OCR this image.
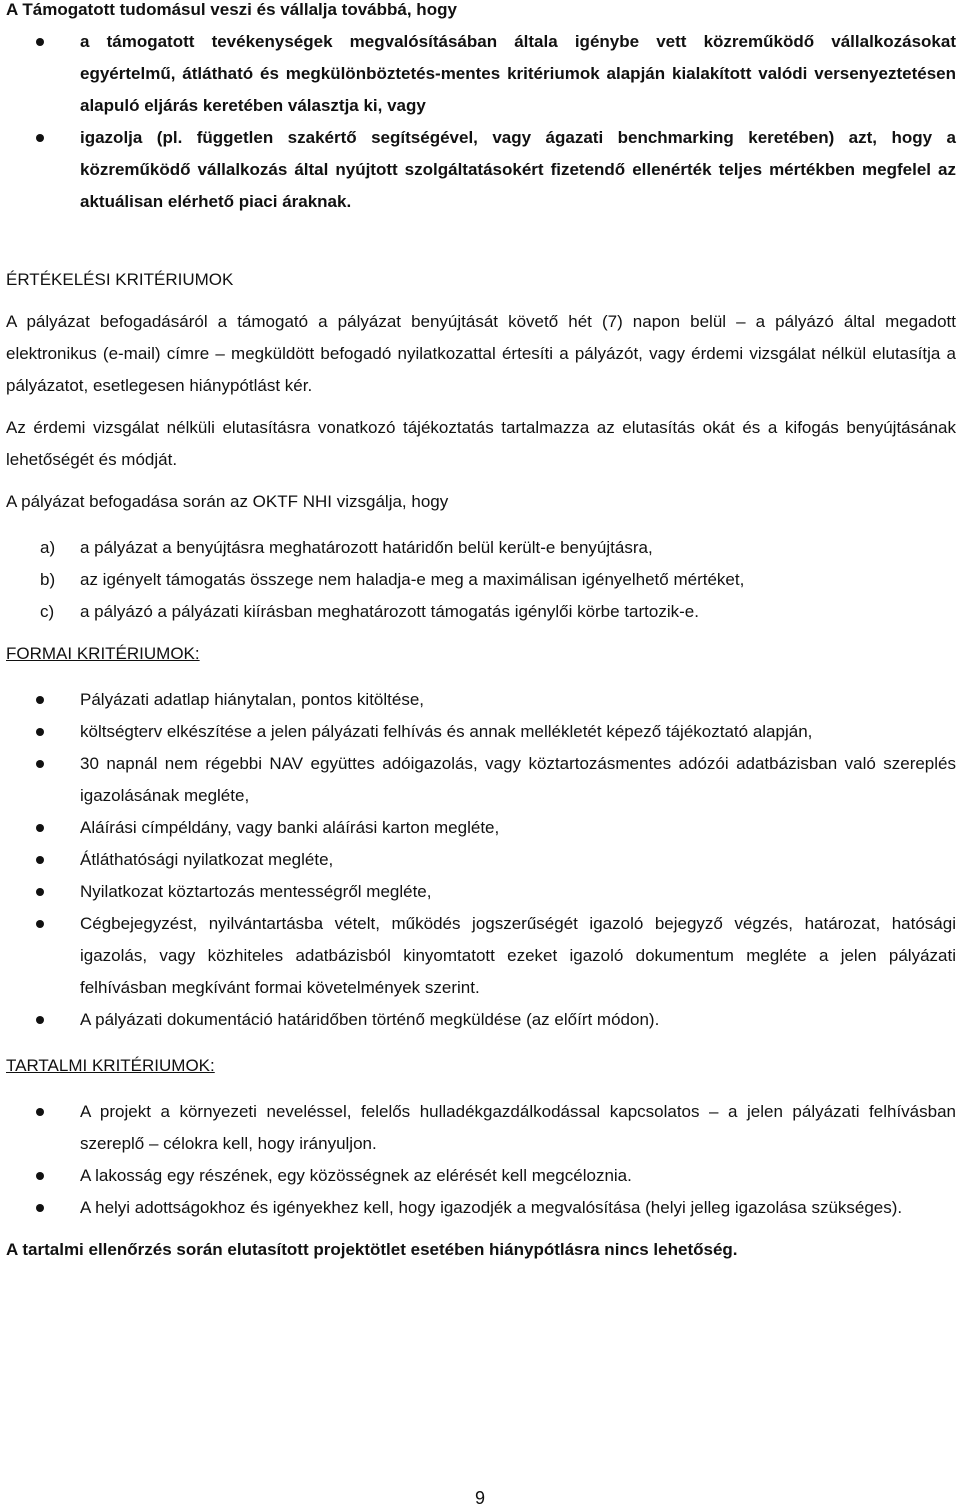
A Támogatott tudomásul veszi és vállalja továbbá, hogy

a támogatott tevékenységek megvalósításában általa igénybe vett közreműködő vállalkozásokat egyértelmű, átlátható és megkülönböztetés-mentes kritériumok alapján kialakított valódi versenyeztetésen alapuló eljárás keretében választja ki, vagy
igazolja (pl. független szakértő segítségével, vagy ágazati benchmarking keretében) azt, hogy a közreműködő vállalkozás által nyújtott szolgáltatásokért fizetendő ellenérték teljes mértékben megfelel az aktuálisan elérhető piaci áraknak.

ÉRTÉKELÉSI KRITÉRIUMOK

A pályázat befogadásáról a támogató a pályázat benyújtását követő hét (7) napon belül – a pályázó által megadott elektronikus (e-mail) címre – megküldött befogadó nyilatkozattal értesíti a pályázót, vagy érdemi vizsgálat nélkül elutasítja a pályázatot, esetlegesen hiánypótlást kér.

Az érdemi vizsgálat nélküli elutasításra vonatkozó tájékoztatás tartalmazza az elutasítás okát és a kifogás benyújtásának lehetőségét és módját.

A pályázat befogadása során az OKTF NHI vizsgálja, hogy

a) a pályázat a benyújtásra meghatározott határidőn belül került-e benyújtásra,
b) az igényelt támogatás összege nem haladja-e meg a maximálisan igényelhető mértéket,
c) a pályázó a pályázati kiírásban meghatározott támogatás igénylői körbe tartozik-e.

FORMAI KRITÉRIUMOK:

Pályázati adatlap hiánytalan, pontos kitöltése,
költségterv elkészítése a jelen pályázati felhívás és annak mellékletét képező tájékoztató alapján,
30 napnál nem régebbi NAV együttes adóigazolás, vagy köztartozásmentes adózói adatbázisban való szereplés igazolásának megléte,
Aláírási címpéldány, vagy banki aláírási karton megléte,
Átláthatósági nyilatkozat megléte,
Nyilatkozat köztartozás mentességről megléte,
Cégbejegyzést, nyilvántartásba vételt, működés jogszerűségét igazoló bejegyző végzés, határozat, hatósági igazolás, vagy közhiteles adatbázisból kinyomtatott ezeket igazoló dokumentum megléte a jelen pályázati felhívásban megkívánt formai követelmények szerint.
A pályázati dokumentáció határidőben történő megküldése (az előírt módon).

TARTALMI KRITÉRIUMOK:

A projekt a környezeti neveléssel, felelős hulladékgazdálkodással kapcsolatos – a jelen pályázati felhívásban szereplő – célokra kell, hogy irányuljon.
A lakosság egy részének, egy közösségnek az elérését kell megcéloznia.
A helyi adottságokhoz és igényekhez kell, hogy igazodjék a megvalósítása (helyi jelleg igazolása szükséges).

A tartalmi ellenőrzés során elutasított projektötlet esetében hiánypótlásra nincs lehetőség.

9
